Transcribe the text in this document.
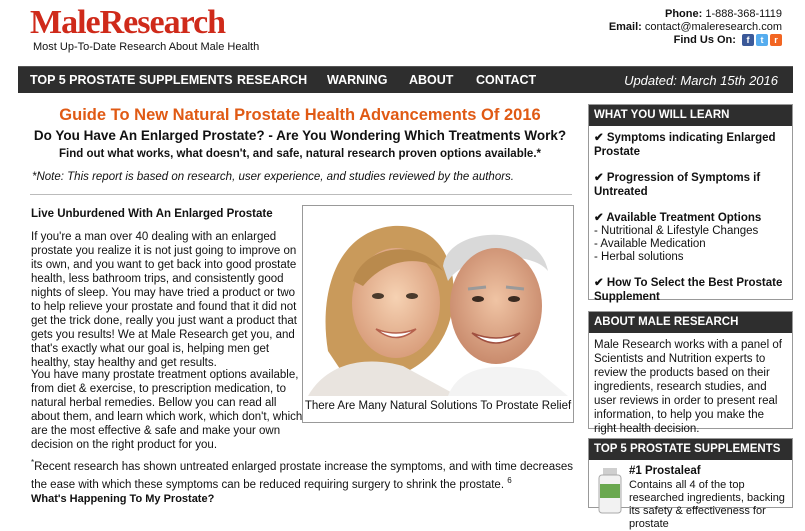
MaleResearch
Most Up-To-Date Research About Male Health
Phone: 1-888-368-1119
Email: contact@maleresearch.com
Find Us On:	f	t	r
TOP 5 PROSTATE SUPPLEMENTS RESEARCH WARNING ABOUT CONTACT	Updated: March 15th 2016
Guide To New Natural Prostate Health Advancements Of 2016
Do You Have An Enlarged Prostate? - Are You Wondering Which Treatments Work?
Find out what works, what doesn't, and safe, natural research proven options available.*
*Note: This report is based on research, user experience, and studies reviewed by the authors.
Live Unburdened With An Enlarged Prostate
If you're a man over 40 dealing with an enlarged prostate you realize it is not just going to improve on its own, and you want to get back into good prostate health, less bathroom trips, and consistently good nights of sleep. You may have tried a product or two to help relieve your prostate and found that it did not get the trick done, really you just want a product that gets you results! We at Male Research get you, and that's exactly what our goal is, helping men get healthy, stay healthy and get results.
You have many prostate treatment options available, from diet & exercise, to prescription medication, to natural herbal remedies. Bellow you can read all about them, and learn which work, which don't, which are the most effective & safe and make your own decision on the right product for you.
*Recent research has shown untreated enlarged prostate increase the symptoms, and with time decreases the ease with which these symptoms can be reduced requiring surgery to shrink the prostate. $^6$
What's Happening To My Prostate?
There Are Many Natural Solutions To Prostate Relief
WHAT YOU WILL LEARN
✔ Symptoms indicating Enlarged Prostate
✔ Progression of Symptoms if Untreated
✔ Available Treatment Options
- Nutritional & Lifestyle Changes
- Available Medication
- Herbal solutions
✔ How To Select the Best Prostate Supplement
ABOUT MALE RESEARCH
Male Research works with a panel of Scientists and Nutrition experts to review the products based on their ingredients, research studies, and user reviews in order to present real information, to help you make the right health decision.
TOP 5 PROSTATE SUPPLEMENTS
#1 Prostaleaf
Contains all 4 of the top researched ingredients, backing its safety & effectiveness for prostate
